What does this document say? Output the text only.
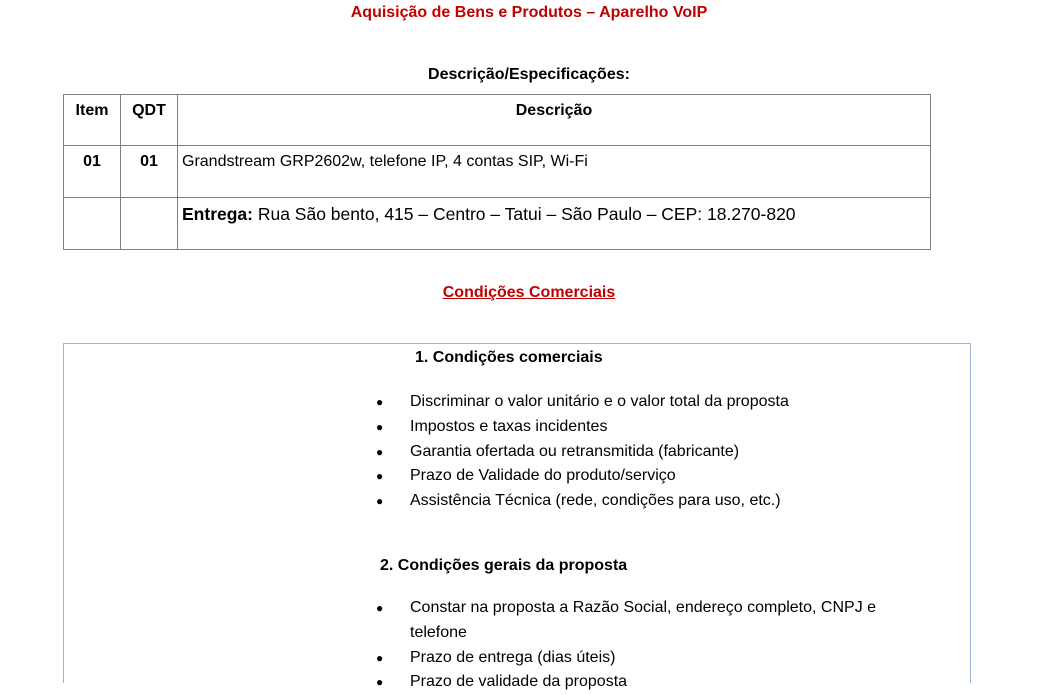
Aquisição de Bens e Produtos – Aparelho VoIP
Descrição/Especificações:
Item	QDT	Descrição
01	01	Grandstream GRP2602w, telefone IP, 4 contas SIP, Wi-Fi
		Entrega: Rua São bento, 415 – Centro – Tatui – São Paulo – CEP: 18.270-820
Condições Comerciais
1. Condições comerciais
● Discriminar o valor unitário e o valor total da proposta
● Impostos e taxas incidentes
● Garantia ofertada ou retransmitida (fabricante)
● Prazo de Validade do produto/serviço
● Assistência Técnica (rede, condições para uso, etc.)
2. Condições gerais da proposta
● Constar na proposta a Razão Social, endereço completo, CNPJ e telefone
● Prazo de entrega (dias úteis)
● Prazo de validade da proposta
